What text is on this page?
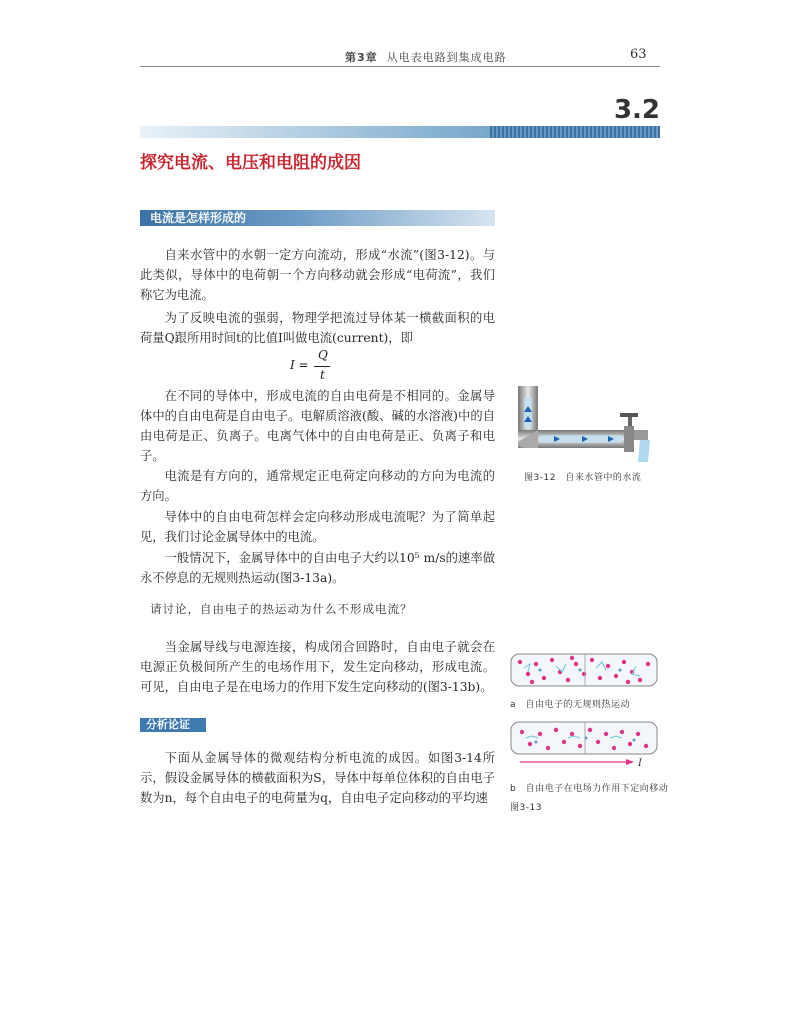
第3章 从电表电路到集成电路	63
3.2
探究电流、电压和电阻的成因
电流是怎样形成的
自来水管中的水朝一定方向流动，形成“水流”(图3-12)。与此类似，导体中的电荷朝一个方向移动就会形成“电荷流”，我们称它为电流。
为了反映电流的强弱，物理学把流过导体某一横截面积的电荷量Q跟所用时间t的比值I叫做电流(current)，即
I =
Q
t
在不同的导体中，形成电流的自由电荷是不相同的。金属导体中的自由电荷是自由电子。电解质溶液(酸、碱的水溶液)中的自由电荷是正、负离子。电离气体中的自由电荷是正、负离子和电子。
电流是有方向的，通常规定正电荷定向移动的方向为电流的方向。
导体中的自由电荷怎样会定向移动形成电流呢？为了简单起见，我们讨论金属导体中的电流。
一般情况下，金属导体中的自由电子大约以10⁵ m/s的速率做永不停息的无规则热运动(图3-13a)。
请讨论，自由电子的热运动为什么不形成电流？
当金属导线与电源连接，构成闭合回路时，自由电子就会在电源正负极间所产生的电场作用下，发生定向移动，形成电流。可见，自由电子是在电场力的作用下发生定向移动的(图3-13b)。
分析论证
下面从金属导体的微观结构分析电流的成因。如图3-14所示，假设金属导体的横截面积为S，导体中每单位体积的自由电子数为n，每个自由电子的电荷量为q，自由电子定向移动的平均速
图3-12　自来水管中的水流
a　自由电子的无规则热运动
I
b　自由电子在电场力作用下定向移动
图3-13
